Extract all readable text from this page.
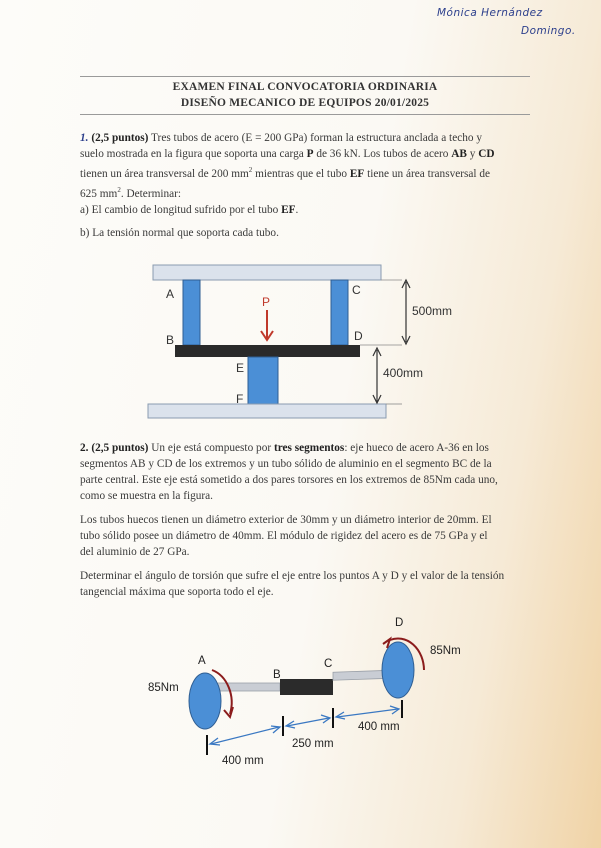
Mónica Hernández
Domingo.
EXAMEN FINAL CONVOCATORIA ORDINARIA
DISEÑO MECANICO DE EQUIPOS 20/01/2025
1. (2,5 puntos) Tres tubos de acero (E = 200 GPa) forman la estructura anclada a techo y
suelo mostrada en la figura que soporta una carga P de 36 kN. Los tubos de acero AB y CD
tienen un área transversal de 200 $mm^2$ mientras que el tubo EF tiene un área transversal de
625 $mm^2$. Determinar:
a) El cambio de longitud sufrido por el tubo EF.
b) La tensión normal que soporta cada tubo.
P
A
B
C
D
E
F
500mm
400mm
2. (2,5 puntos) Un eje está compuesto por tres segmentos: eje hueco de acero A-36 en los
segmentos AB y CD de los extremos y un tubo sólido de aluminio en el segmento BC de la
parte central. Este eje está sometido a dos pares torsores en los extremos de 85Nm cada uno,
como se muestra en la figura.
Los tubos huecos tienen un diámetro exterior de 30mm y un diámetro interior de 20mm. El
tubo sólido posee un diámetro de 40mm. El módulo de rigidez del acero es de 75 GPa y el
del aluminio de 27 GPa.
Determinar el ángulo de torsión que sufre el eje entre los puntos A y D y el valor de la tensión
tangencial máxima que soporta todo el eje.
A
B
C
D
85Nm
85Nm
400 mm
250 mm
400 mm
